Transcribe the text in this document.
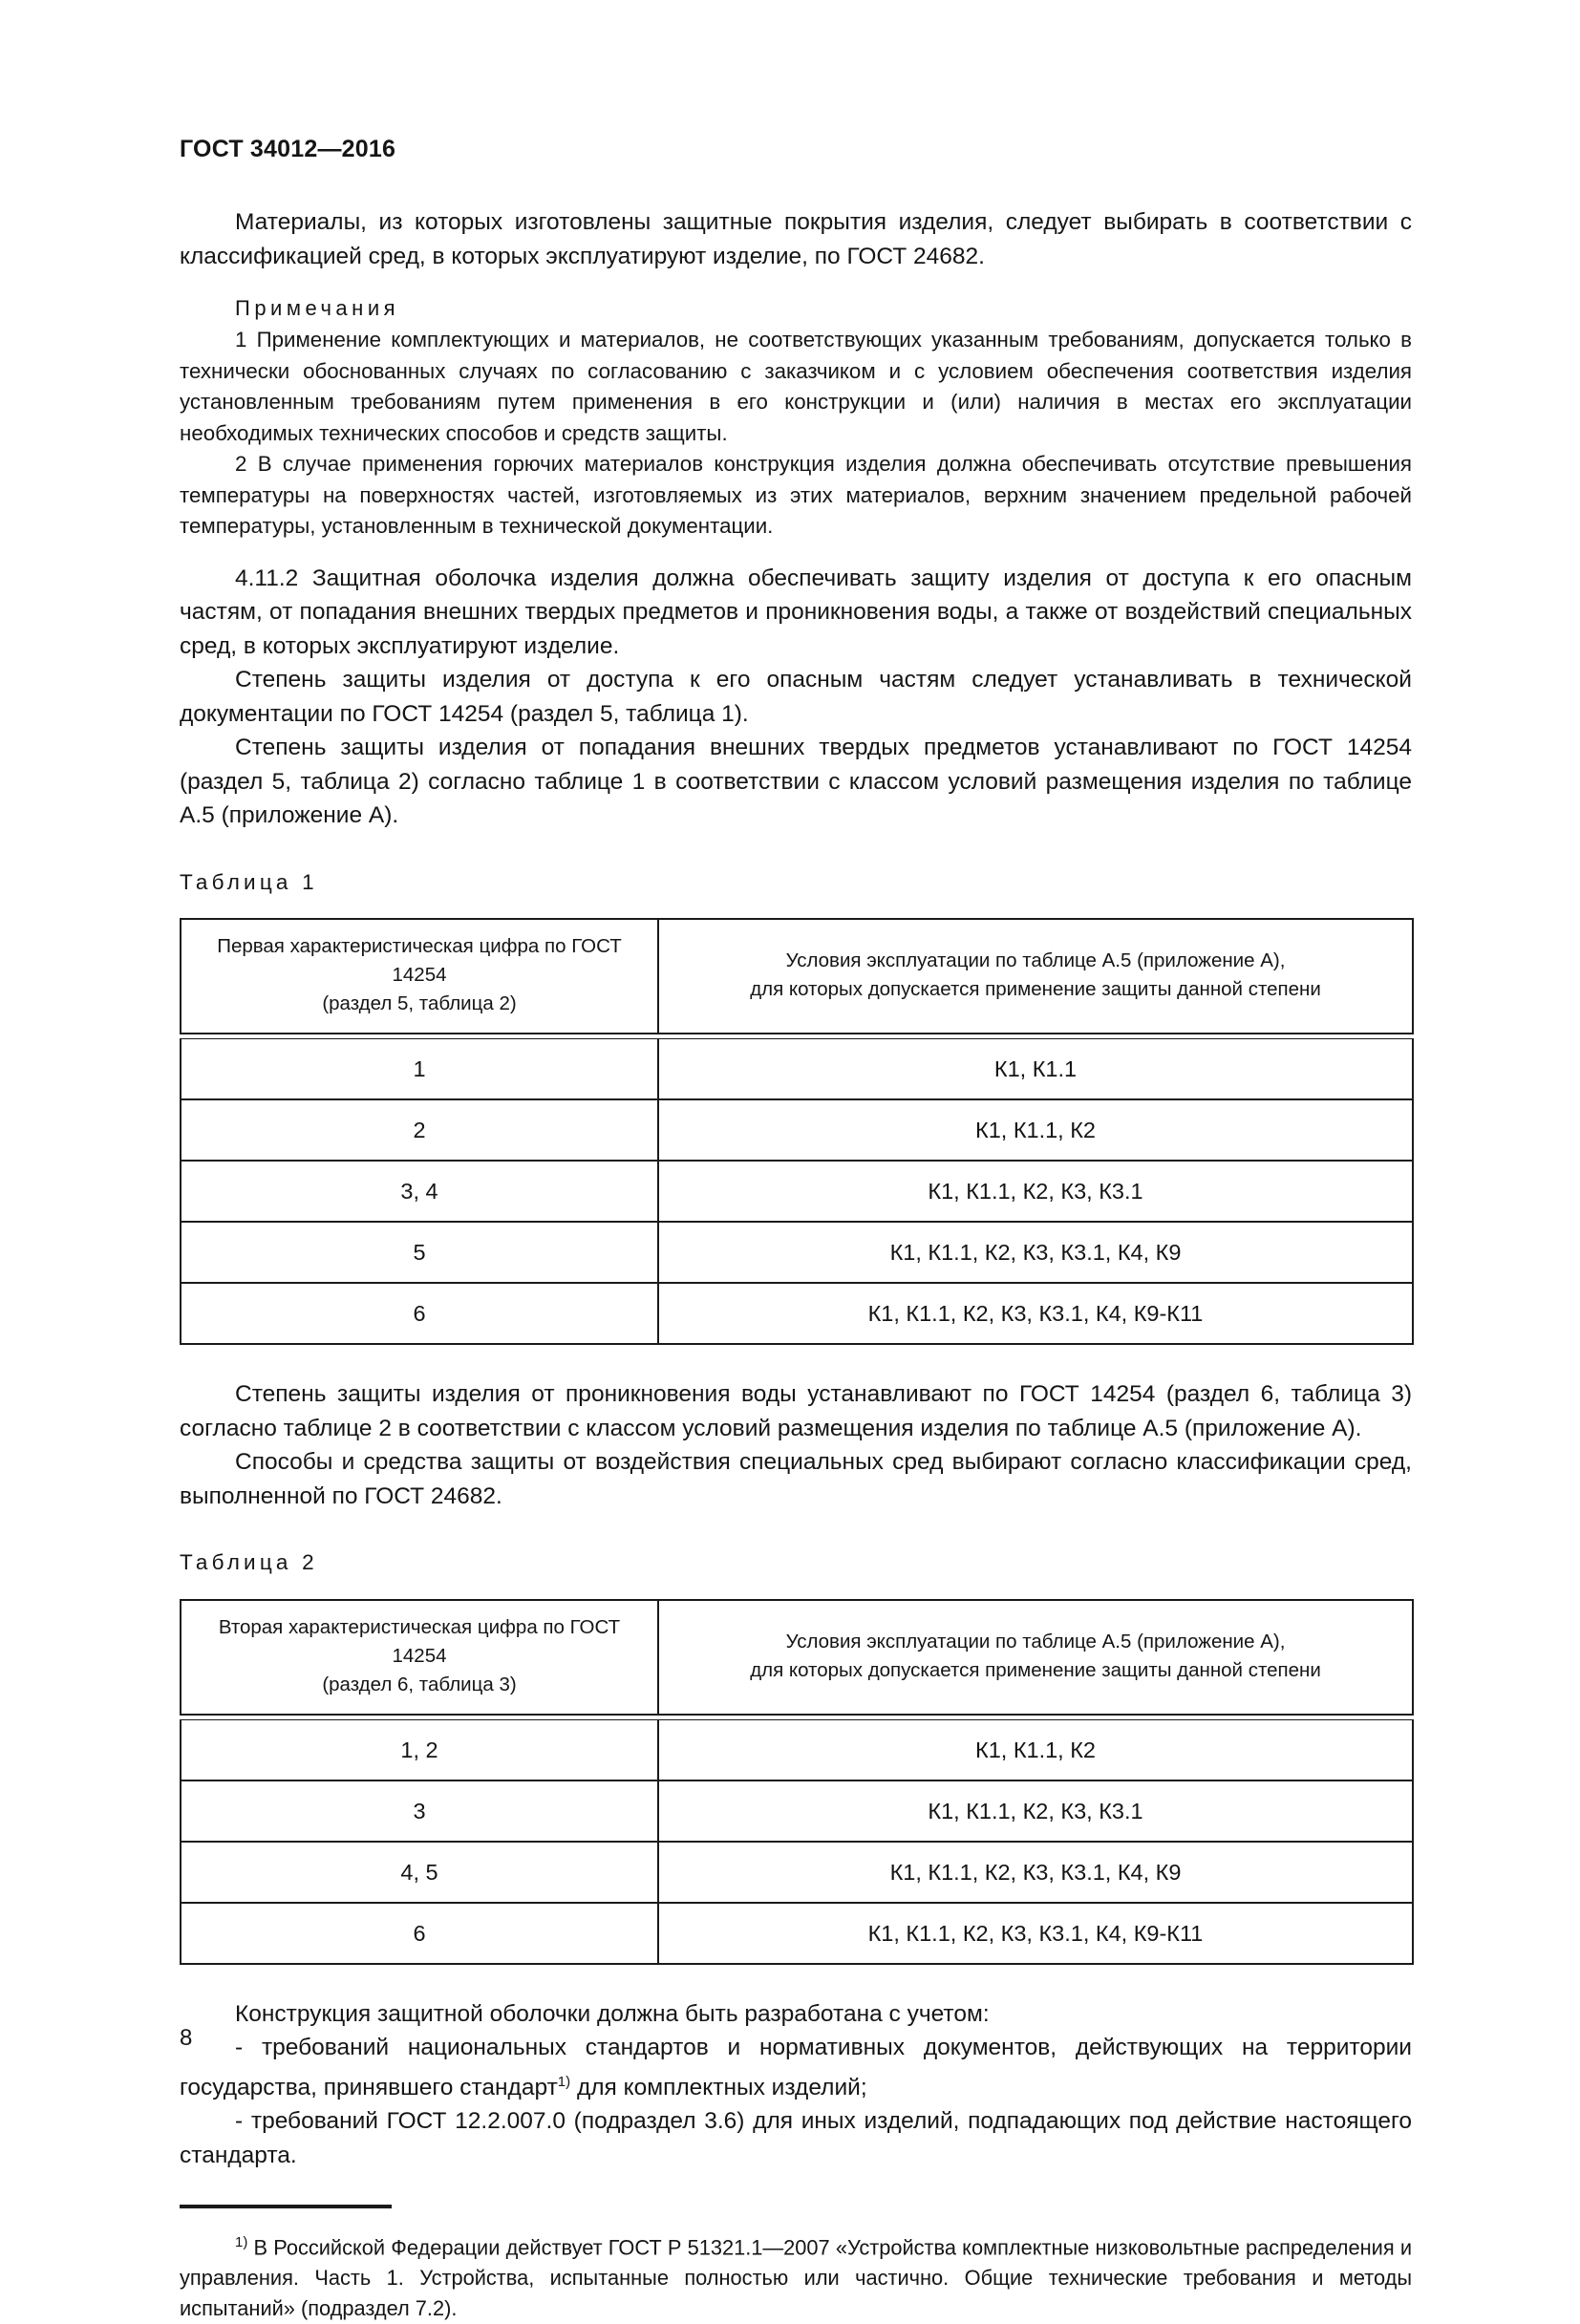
ГОСТ 34012—2016

Материалы, из которых изготовлены защитные покрытия изделия, следует выбирать в соответствии с классификацией сред, в которых эксплуатируют изделие, по ГОСТ 24682.

Примечания

1 Применение комплектующих и материалов, не соответствующих указанным требованиям, допускается только в технически обоснованных случаях по согласованию с заказчиком и с условием обеспечения соответствия изделия установленным требованиям путем применения в его конструкции и (или) наличия в местах его эксплуатации необходимых технических способов и средств защиты.

2 В случае применения горючих материалов конструкция изделия должна обеспечивать отсутствие превышения температуры на поверхностях частей, изготовляемых из этих материалов, верхним значением предельной рабочей температуры, установленным в технической документации.

4.11.2 Защитная оболочка изделия должна обеспечивать защиту изделия от доступа к его опасным частям, от попадания внешних твердых предметов и проникновения воды, а также от воздействий специальных сред, в которых эксплуатируют изделие.

Степень защиты изделия от доступа к его опасным частям следует устанавливать в технической документации по ГОСТ 14254 (раздел 5, таблица 1).

Степень защиты изделия от попадания внешних твердых предметов устанавливают по ГОСТ 14254 (раздел 5, таблица 2) согласно таблице 1 в соответствии с классом условий размещения изделия по таблице А.5 (приложение А).

Таблица 1

Первая характеристическая цифра по ГОСТ 14254
(раздел 5, таблица 2)	Условия эксплуатации по таблице А.5 (приложение А),
для которых допускается применение защиты данной степени

1	К1, К1.1
2	К1, К1.1, К2
3, 4	К1, К1.1, К2, К3, К3.1
5	К1, К1.1, К2, К3, К3.1, К4, К9
6	К1, К1.1, К2, К3, К3.1, К4, К9-К11

Степень защиты изделия от проникновения воды устанавливают по ГОСТ 14254 (раздел 6, таблица 3) согласно таблице 2 в соответствии с классом условий размещения изделия по таблице А.5 (приложение А).

Способы и средства защиты от воздействия специальных сред выбирают согласно классификации сред, выполненной по ГОСТ 24682.

Таблица 2

Вторая характеристическая цифра по ГОСТ 14254
(раздел 6, таблица 3)	Условия эксплуатации по таблице А.5 (приложение А),
для которых допускается применение защиты данной степени

1, 2	К1, К1.1, К2
3	К1, К1.1, К2, К3, К3.1
4, 5	К1, К1.1, К2, К3, К3.1, К4, К9
6	К1, К1.1, К2, К3, К3.1, К4, К9-К11

Конструкция защитной оболочки должна быть разработана с учетом:

- требований национальных стандартов и нормативных документов, действующих на территории государства, принявшего стандарт$^{1)}$ для комплектных изделий;

- требований ГОСТ 12.2.007.0 (подраздел 3.6) для иных изделий, подпадающих под действие настоящего стандарта.

$^{1)}$ В Российской Федерации действует ГОСТ Р 51321.1—2007 «Устройства комплектные низковольтные распределения и управления. Часть 1. Устройства, испытанные полностью или частично. Общие технические требования и методы испытаний» (подраздел 7.2).

8
